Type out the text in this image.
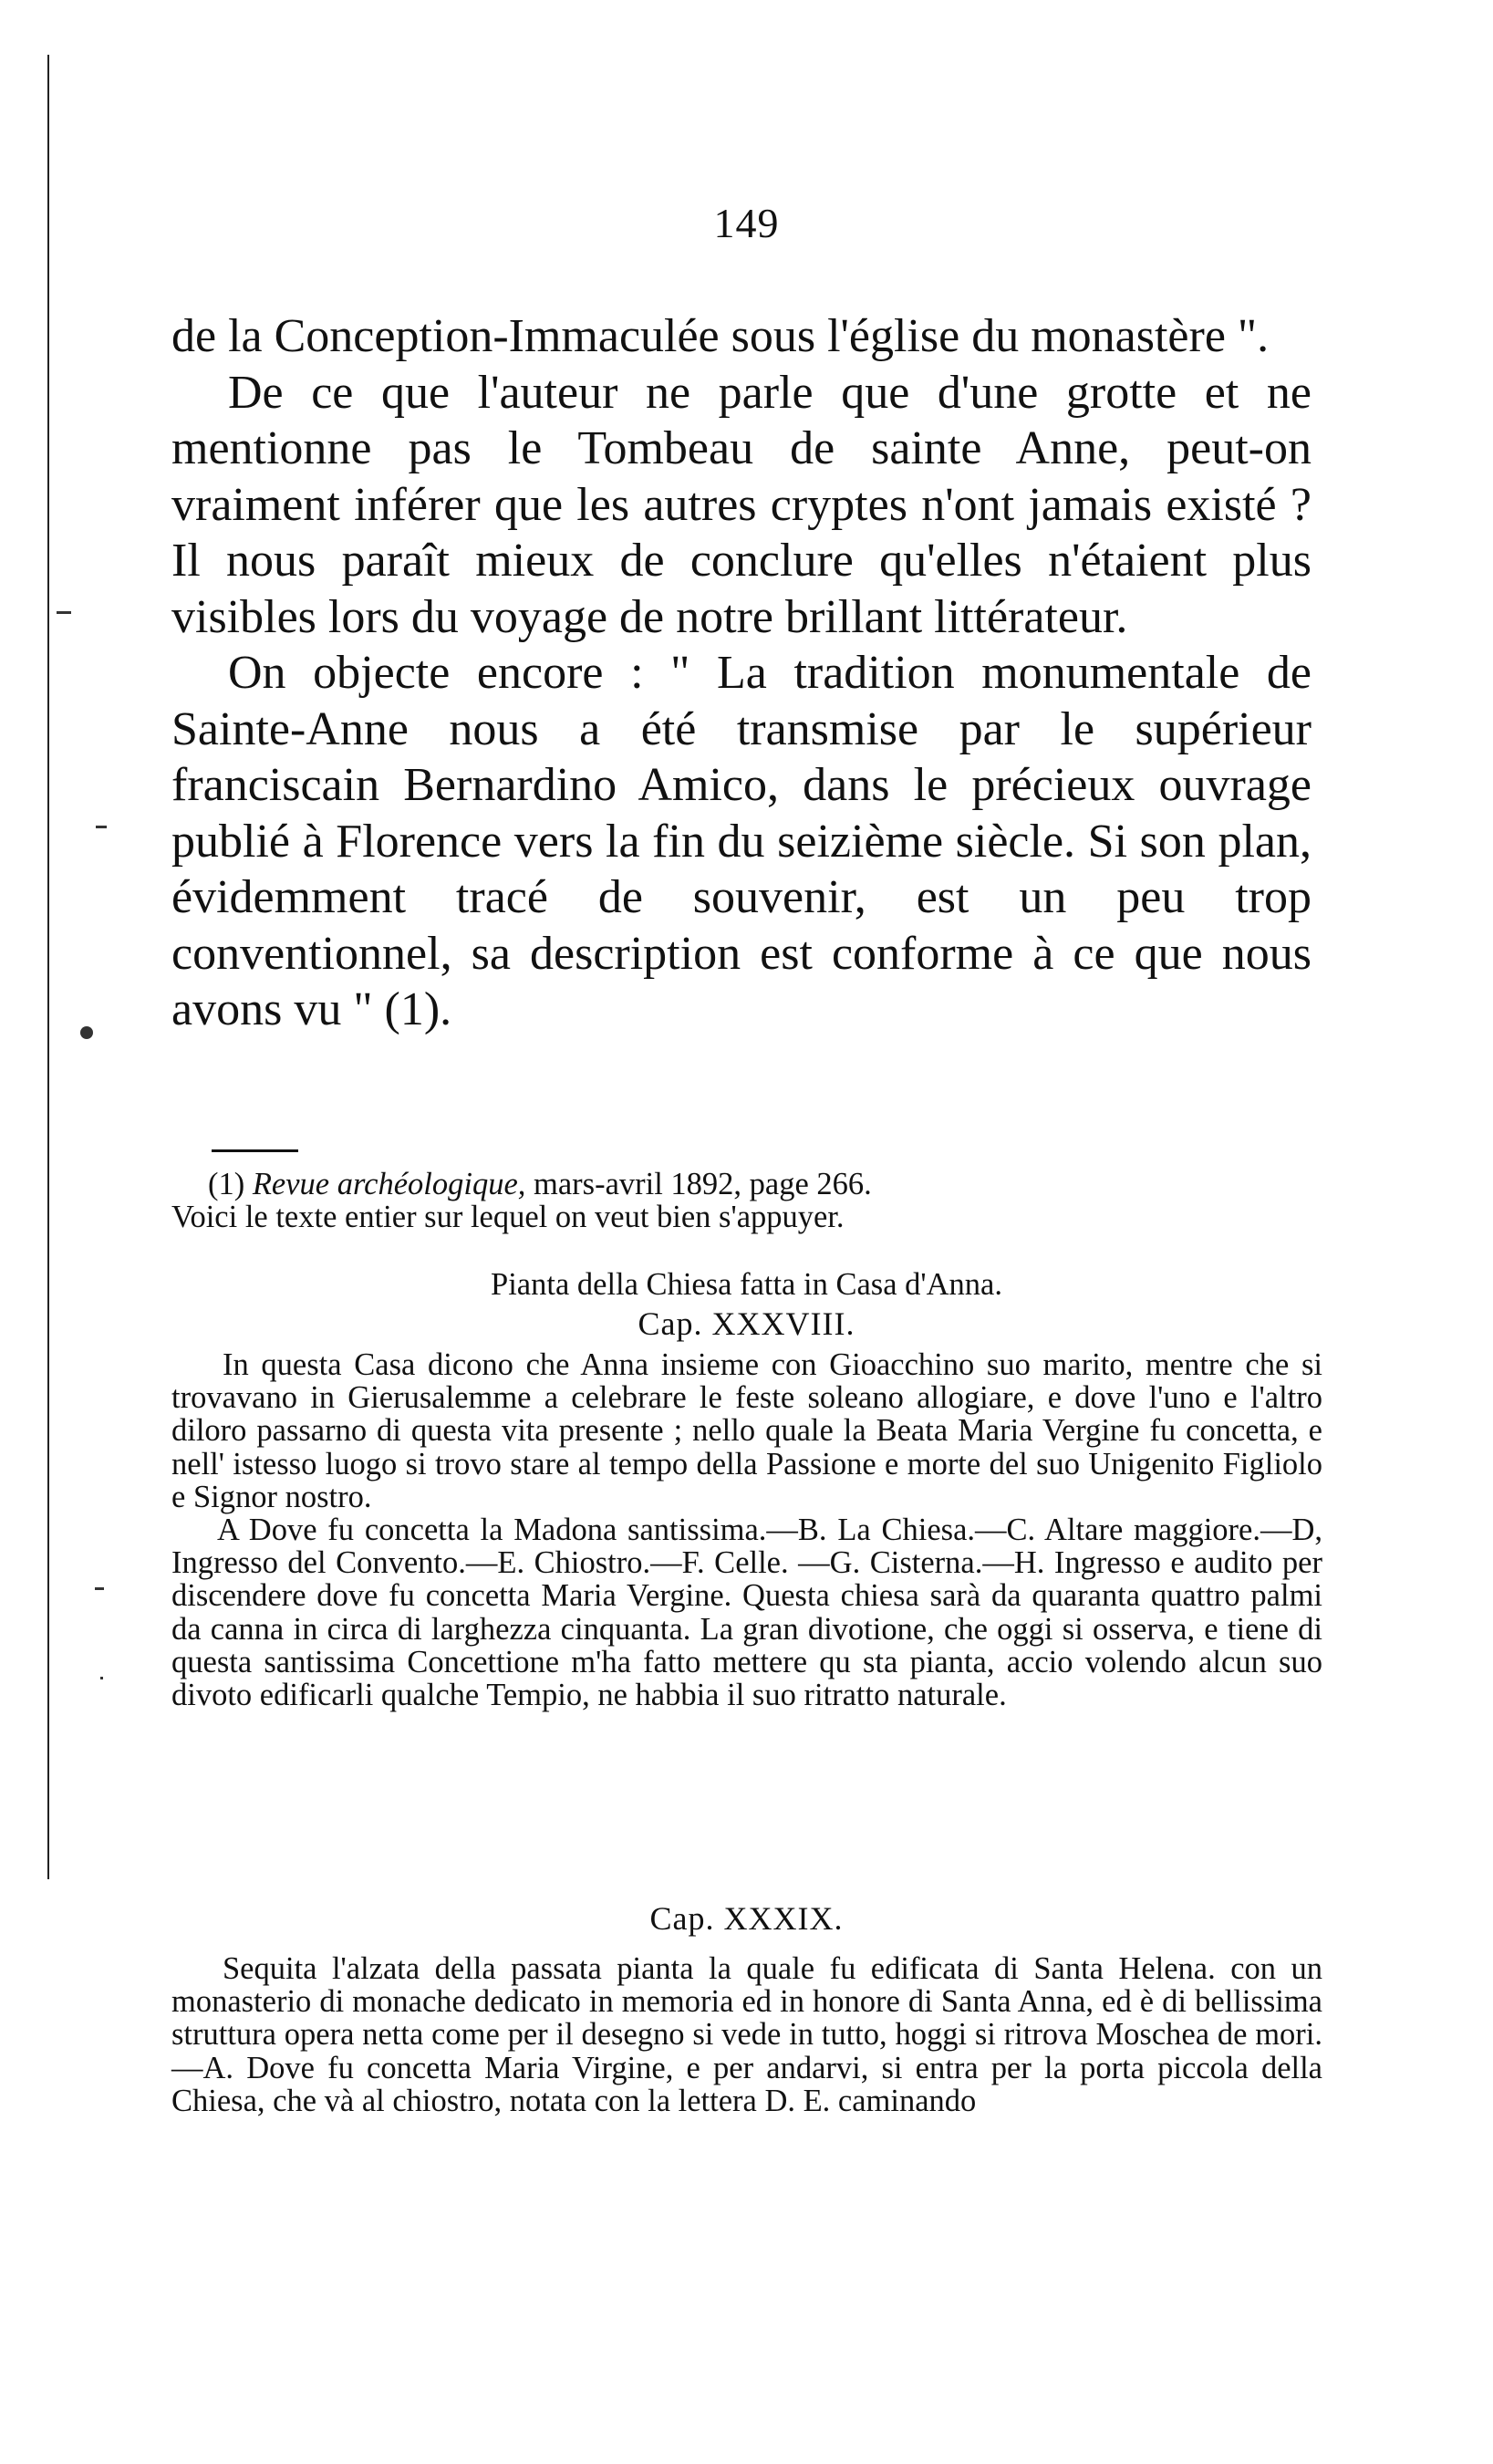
149

de la Conception-Immaculée sous l'église du monastère ".

De ce que l'auteur ne parle que d'une grotte et ne mentionne pas le Tombeau de sainte Anne, peut-on vraiment inférer que les autres cryptes n'ont jamais existé ? Il nous paraît mieux de conclure qu'elles n'étaient plus visibles lors du voyage de notre brillant littérateur.

On objecte encore : " La tradition monumentale de Sainte-Anne nous a été transmise par le supérieur franciscain Bernardino Amico, dans le précieux ouvrage publié à Florence vers la fin du seizième siècle. Si son plan, évidemment tracé de souvenir, est un peu trop conventionnel, sa description est conforme à ce que nous avons vu " (1).

(1) Revue archéologique, mars-avril 1892, page 266.

Voici le texte entier sur lequel on veut bien s'appuyer.

Pianta della Chiesa fatta in Casa d'Anna.
Cap. XXXVIII.

In questa Casa dicono che Anna insieme con Gioacchino suo marito, mentre che si trovavano in Gierusalemme a celebrare le feste soleano allogiare, e dove l'uno e l'altro diloro passarno di questa vita presente ; nello quale la Beata Maria Vergine fu concetta, e nell' istesso luogo si trovo stare al tempo della Passione e morte del suo Unigenito Figliolo e Signor nostro.

A Dove fu concetta la Madona santissima.—B. La Chiesa.—C. Altare maggiore.—D, Ingresso del Convento.—E. Chiostro.—F. Celle. —G. Cisterna.—H. Ingresso e audito per discendere dove fu concetta Maria Vergine. Questa chiesa sarà da quaranta quattro palmi da canna in circa di larghezza cinquanta. La gran divotione, che oggi si osserva, e tiene di questa santissima Concettione m'ha fatto mettere qu sta pianta, accio volendo alcun suo divoto edificarli qualche Tempio, ne habbia il suo ritratto naturale.

Cap. XXXIX.

Sequita l'alzata della passata pianta la quale fu edificata di Santa Helena. con un monasterio di monache dedicato in memoria ed in honore di Santa Anna, ed è di bellissima struttura opera netta come per il desegno si vede in tutto, hoggi si ritrova Moschea de mori.—A. Dove fu concetta Maria Virgine, e per andarvi, si entra per la porta piccola della Chiesa, che và al chiostro, notata con la lettera D. E. caminando
